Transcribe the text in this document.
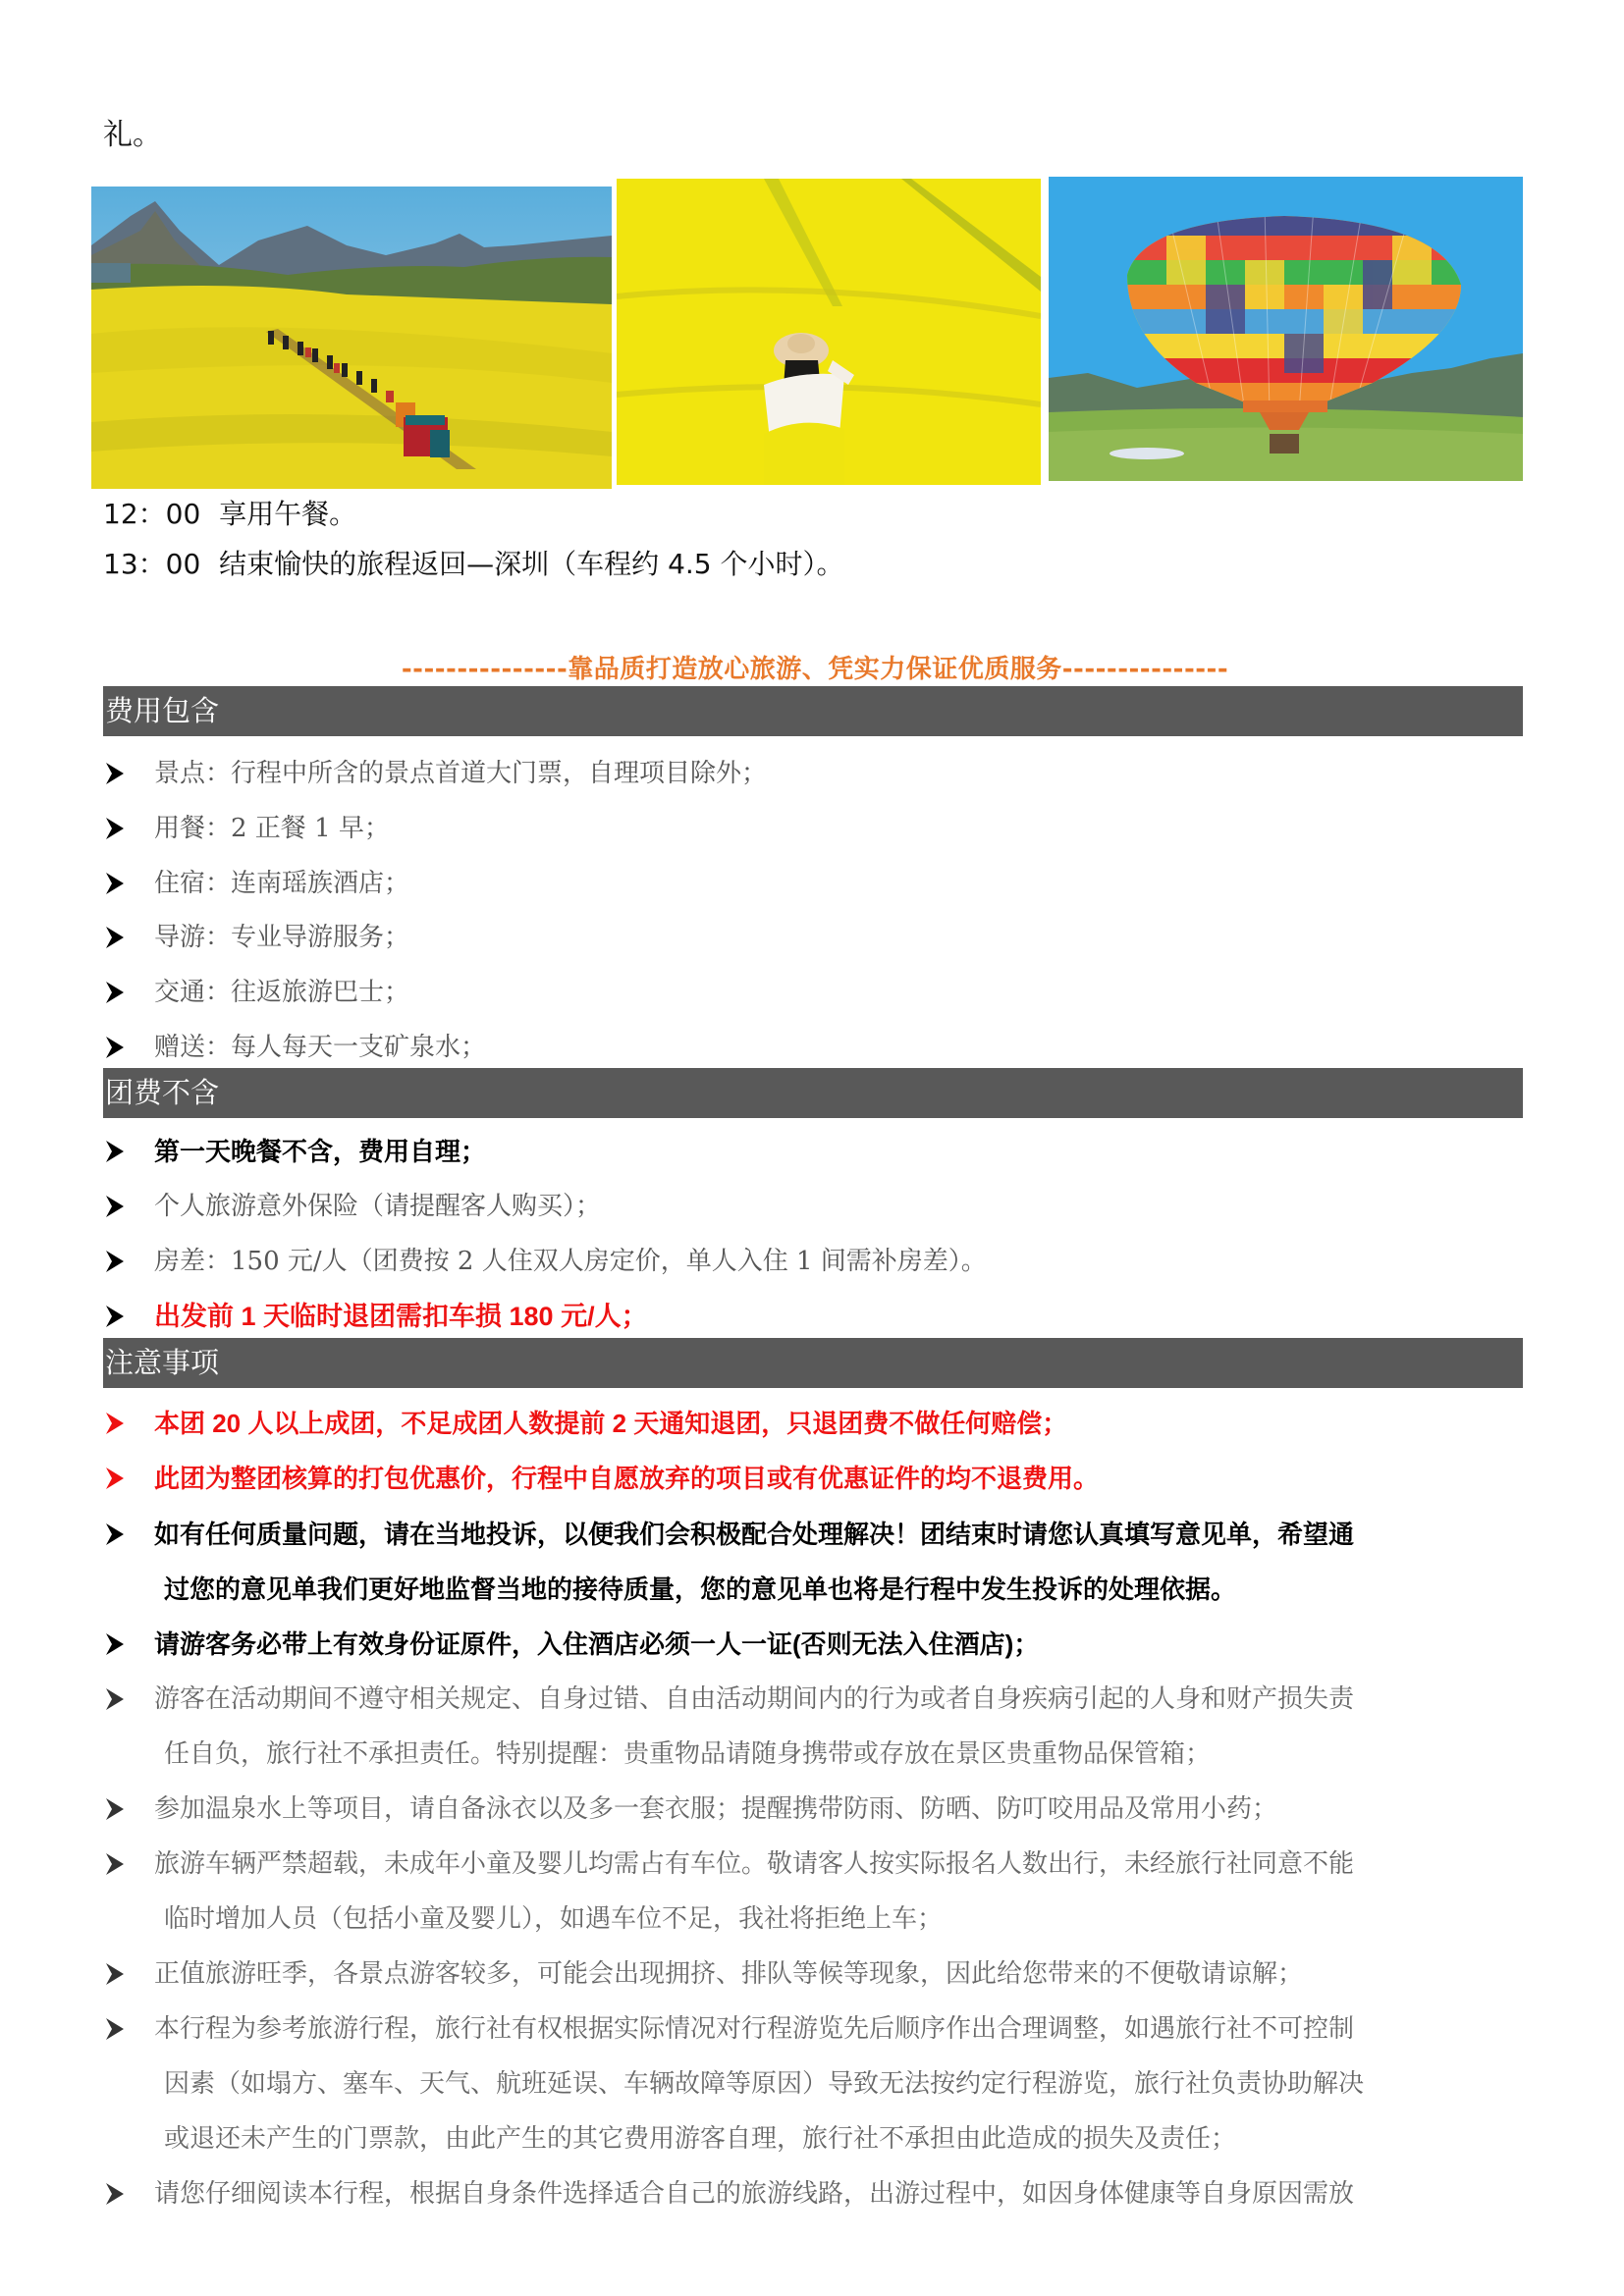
礼。
12：00 享用午餐。
13：00 结束愉快的旅程返回—深圳（车程约 4.5 个小时）。
---------------靠品质打造放心旅游、凭实力保证优质服务---------------
费用包含
景点：行程中所含的景点首道大门票，自理项目除外；
用餐：2 正餐 1 早；
住宿：连南瑶族酒店；
导游：专业导游服务；
交通：往返旅游巴士；
赠送：每人每天一支矿泉水；
团费不含
第一天晚餐不含，费用自理；
个人旅游意外保险（请提醒客人购买）；
房差：150 元/人（团费按 2 人住双人房定价，单人入住 1 间需补房差）。
出发前 1 天临时退团需扣车损 180 元/人；
注意事项
本团 20 人以上成团，不足成团人数提前 2 天通知退团，只退团费不做任何赔偿；
此团为整团核算的打包优惠价，行程中自愿放弃的项目或有优惠证件的均不退费用。
如有任何质量问题，请在当地投诉，以便我们会积极配合处理解决！团结束时请您认真填写意见单，希望通
过您的意见单我们更好地监督当地的接待质量，您的意见单也将是行程中发生投诉的处理依据。
请游客务必带上有效身份证原件，入住酒店必须一人一证(否则无法入住酒店)；
游客在活动期间不遵守相关规定、自身过错、自由活动期间内的行为或者自身疾病引起的人身和财产损失责
任自负，旅行社不承担责任。特别提醒：贵重物品请随身携带或存放在景区贵重物品保管箱；
参加温泉水上等项目，请自备泳衣以及多一套衣服；提醒携带防雨、防晒、防叮咬用品及常用小药；
旅游车辆严禁超载，未成年小童及婴儿均需占有车位。敬请客人按实际报名人数出行，未经旅行社同意不能
临时增加人员（包括小童及婴儿），如遇车位不足，我社将拒绝上车；
正值旅游旺季，各景点游客较多，可能会出现拥挤、排队等候等现象，因此给您带来的不便敬请谅解；
本行程为参考旅游行程，旅行社有权根据实际情况对行程游览先后顺序作出合理调整，如遇旅行社不可控制
因素（如塌方、塞车、天气、航班延误、车辆故障等原因）导致无法按约定行程游览，旅行社负责协助解决
或退还未产生的门票款，由此产生的其它费用游客自理，旅行社不承担由此造成的损失及责任；
请您仔细阅读本行程，根据自身条件选择适合自己的旅游线路，出游过程中，如因身体健康等自身原因需放
